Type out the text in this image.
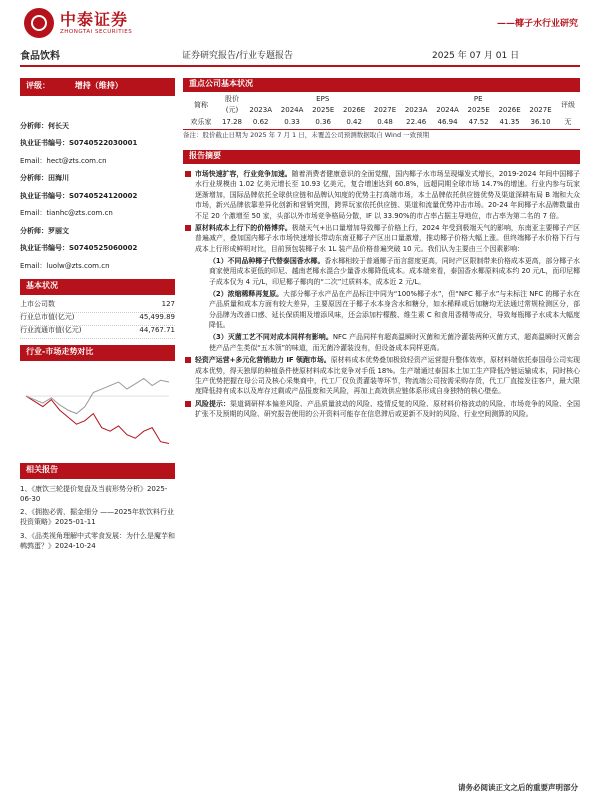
中泰证券
ZHONGTAI SECURITIES
——椰子水行业研究
食品饮料	证券研究报告/行业专题报告	2025 年 07 月 01 日
评级：	增持（维持）
分析师：何长天
执业证书编号：S0740522030001
Email：hect@zts.com.cn
分析师：田海川
执业证书编号：S0740524120002
Email：tianhc@zts.com.cn
分析师：罗丽文
执业证书编号：S0740525060002
Email：luolw@zts.com.cn
基本状况
上市公司数	127
行业总市值(亿元)	45,499.89
行业流通市值(亿元)	44,767.71
行业-市场走势对比
相关报告
1、《康饮三轮提价复盘及当前形势分析》2025-06-30
2、《拥抱必需，掘金细分 ——2025年软饮料行业投资策略》2025-01-11
3、《品类视角理解中式零食发展：为什么是魔芋和鹌鹑蛋？》2024-10-24
重点公司基本状况
简称	股价	EPS					PE					评级
	(元)	2023A	2024A	2025E	2026E	2027E	2023A	2024A	2025E	2026E	2027E	
欢乐家	17.28	0.62	0.33	0.36	0.42	0.48	22.46	46.94	47.52	41.35	36.10	无
备注：股价截止日期为 2025 年 7 月 1 日，未覆盖公司预测数据取自 Wind 一致预期
报告摘要
市场快速扩容，行业竞争加速。随着消费者健康意识的全面觉醒，国内椰子水市场呈现爆发式增长，2019-2024 年间中国椰子水行业规模由 1.02 亿美元增长至 10.93 亿美元，复合增速达到 60.8%，远超同期全球市场 14.7%的增速。行业内参与玩家逐渐增加，国际品牌依托全球供应链和品牌认知度的优势主打高端市场，本土品牌依托供应链优势及渠道深耕布局 B 端和大众市场，新兴品牌依靠差异化创新和营销突围，跨界玩家依托供应链、渠道和流量优势冲击市场。20-24 年间椰子水品牌数量由不足 20 个激增至 50 家，头部以外市场竞争格局分散，IF 以 33.90%的市占率占据主导地位，市占率为第二名的 7 倍。
原材料成本上行下的价格博弈。极端天气+出口量增加导致椰子价格上行，2024 年受到极端天气的影响，东南亚主要椰子产区普遍减产，叠加国内椰子水市场快速增长带动东南亚椰子产区出口量激增，推动椰子价格大幅上涨。但终端椰子水价格下行与成本上行形成鲜明对比，目前预包装椰子水 1L 装产品价格普遍突破 10 元。我们认为主要由三个因素影响：
（1）不同品种椰子代替泰国香水椰。香水椰相较于普通椰子而言甜度更高，同时产区限制带来价格成本更高，部分椰子水商家使用成本更低的印尼、越南老椰水混合少量香水椰降低成本。成本端来看，泰国香水椰原料成本约 20 元/L，而印尼椰子成本仅为 4 元/L，印尼椰子椰肉的“二次”过质料本，成本近 2 元/L。
（2）浓缩稀释再复原。大部分椰子水产品在产品标注中同为“100%椰子水”，但“NFC 椰子水”与未标注 NFC 的椰子水在产品质量和成本方面有较大差异，主要原因在于椰子水本身含水和糖分，如水稀释或后加糖均无法通过常规检测区分，部分品牌为改善口感、延长保质期及增添风味，还会添加柠檬酸、维生素 C 和食用香精等成分，导致每瓶椰子水成本大幅度降低。
（3）灭菌工艺不同对成本同样有影响。NFC 产品同样有超高温瞬时灭菌和无菌冷灌装两种灭菌方式，超高温瞬时灭菌会使产品产生类似“五木领”的味道，而无菌冷灌装没有，但设备成本同样更高。
轻资产运营+多元化营销助力 IF 领跑市场。原材料成本优势叠加极致轻资产运营提升整体效率，原材料端依托泰国母公司实现成本优势，得天独厚的种植条件使原材料成本比竞争对手低 18%。生产端通过泰国本土加工生产降低冷链运输成本，同时核心生产优势把握在母公司及核心采集商中，代工厂仅负责灌装等环节，物流端公司按需采购存货，代工厂直接发往客户，最大限度降低持有成本以及库存过剩或产品报废和关风险，再加上高效供应链体系形成自身独特的核心壁垒。
风险提示：渠道调研样本偏差风险、产品质量波动的风险、疫情反复的风险、原材料价格波动的风险、市场竞争的风险、全国扩张不及预期的风险、研究报告使用的公开资料可能存在信息滞后或更新不及时的风险、行业空间测算的风险。
请务必阅读正文之后的重要声明部分
